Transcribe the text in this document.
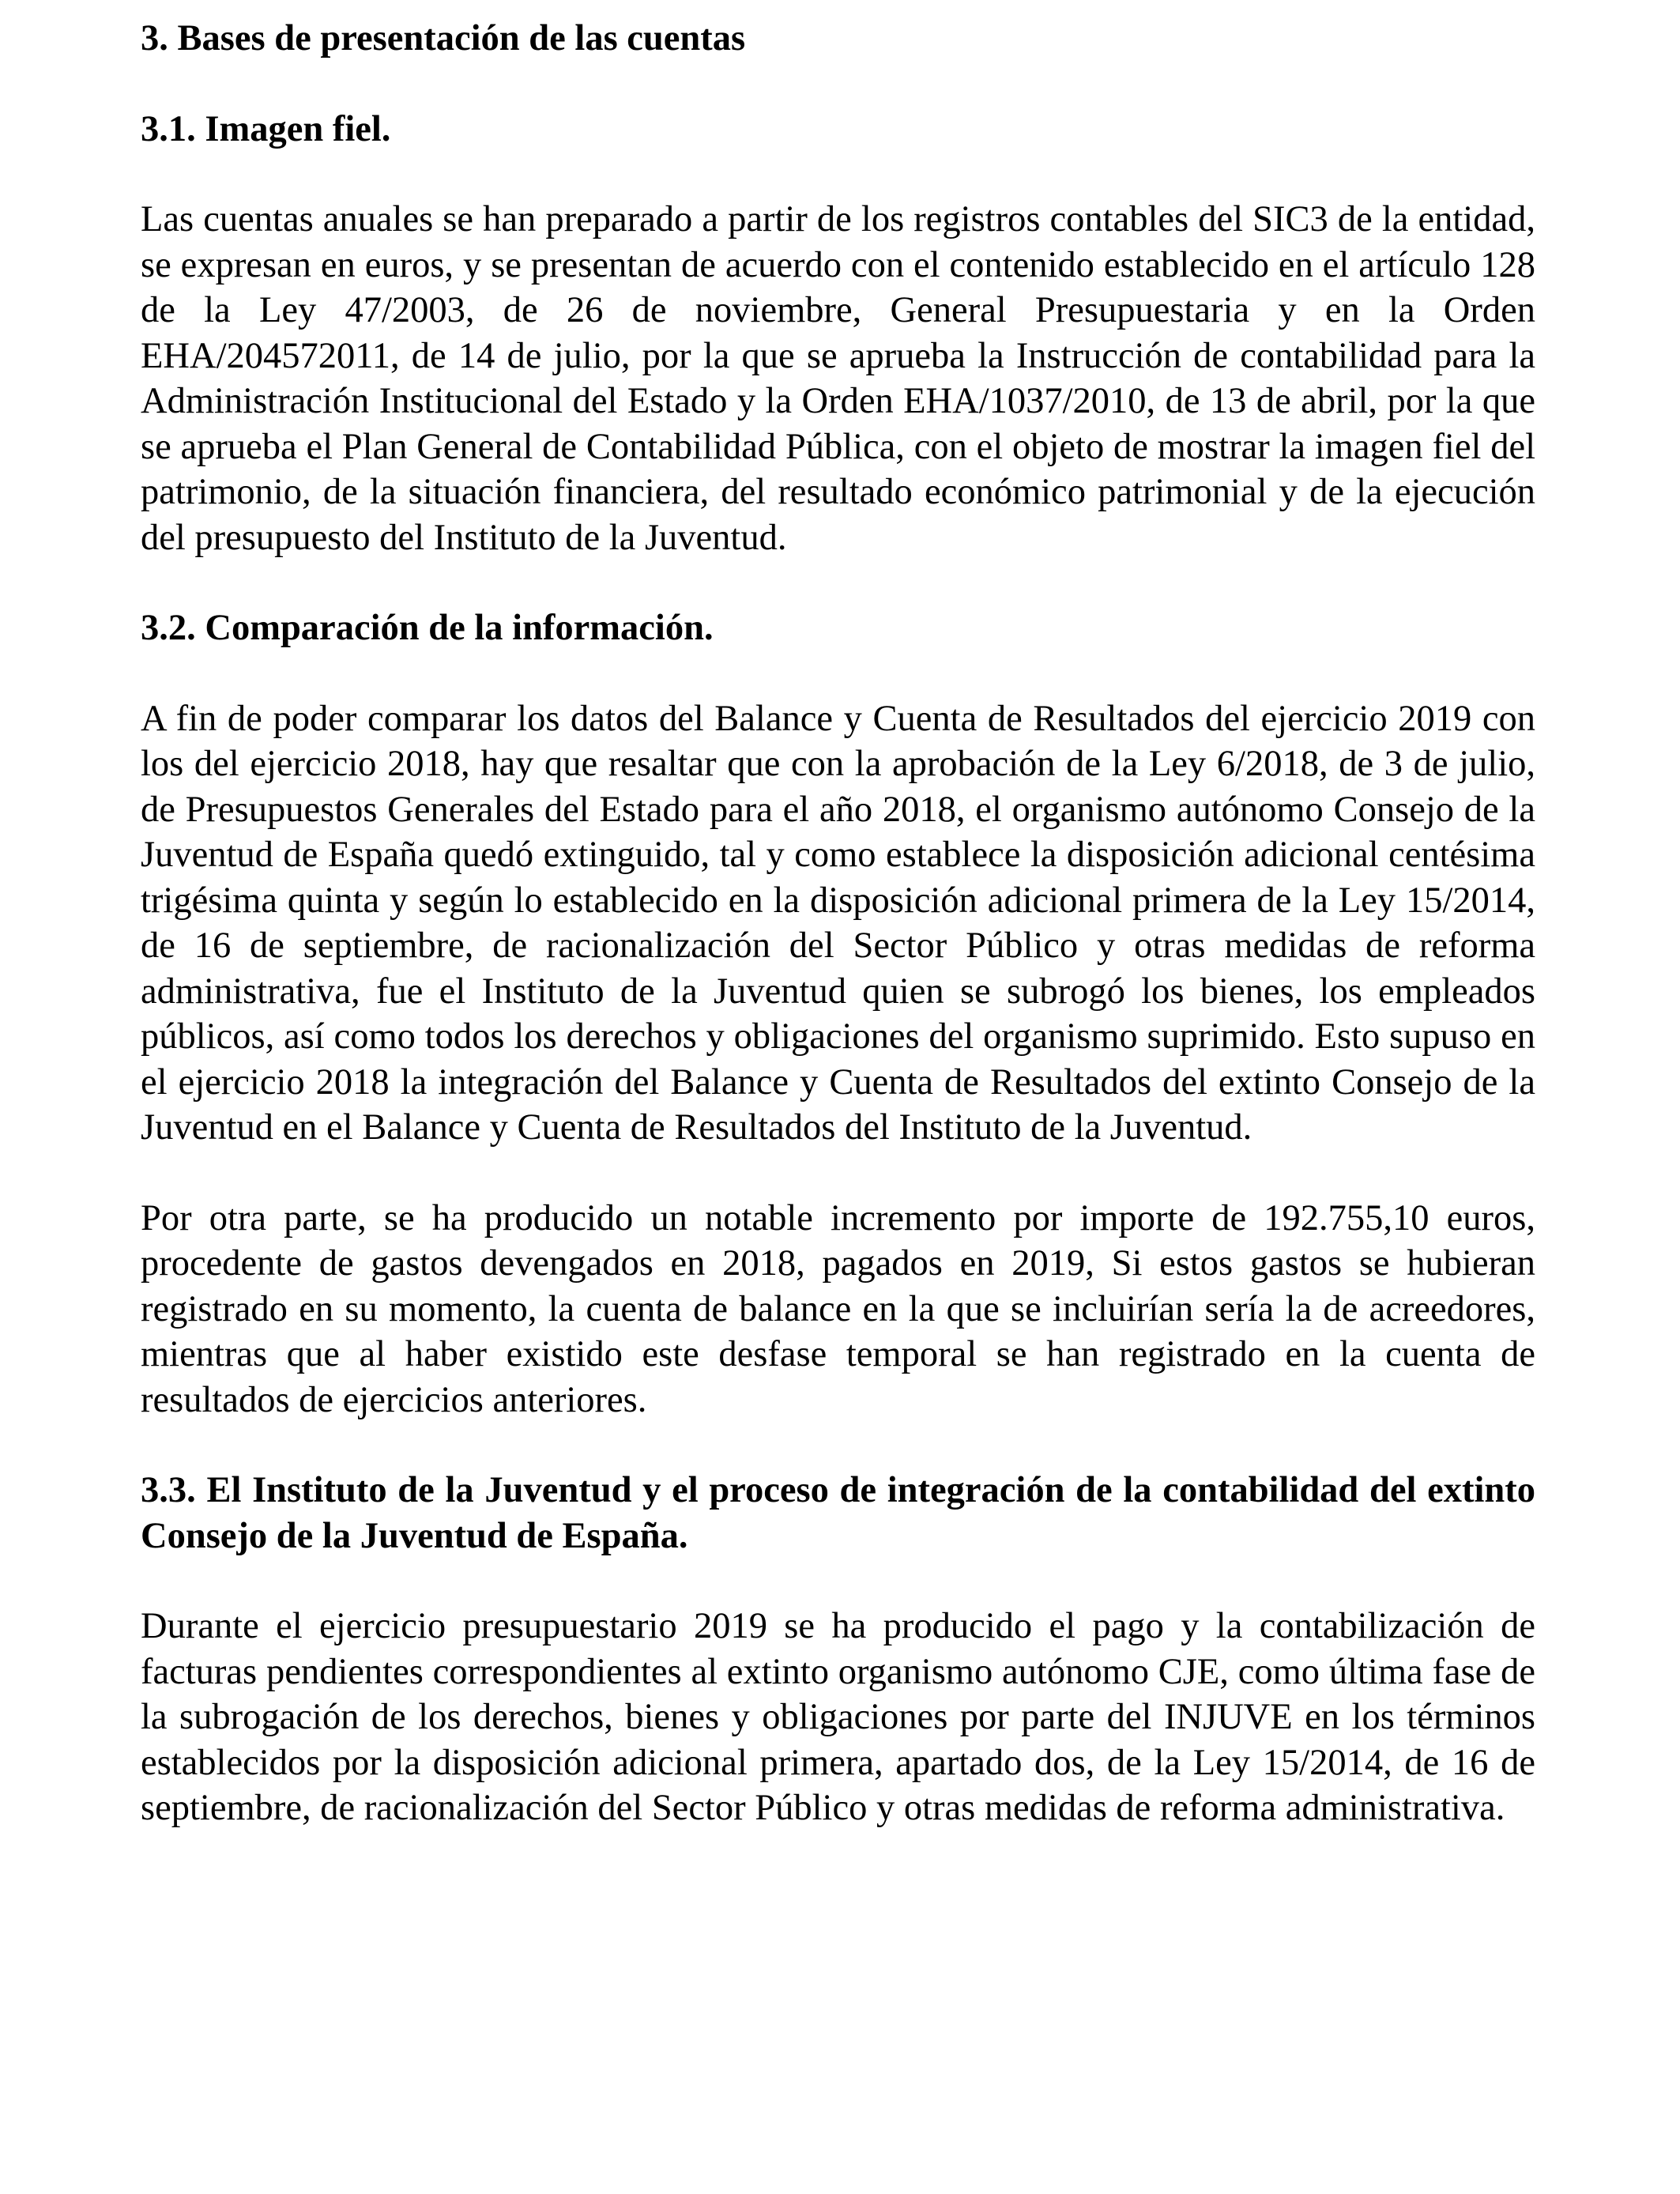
3. Bases de presentación de las cuentas
3.1. Imagen fiel.

Las cuentas anuales se han preparado a partir de los registros contables del SIC3 de la entidad, se expresan en euros, y se presentan de acuerdo con el contenido establecido en el artículo 128 de la Ley 47/2003, de 26 de noviembre, General Presupuestaria y en la Orden EHA/204572011, de 14 de julio, por la que se aprueba la Instrucción de contabilidad para la Administración Institucional del Estado y la Orden EHA/1037/2010, de 13 de abril, por la que se aprueba el Plan General de Contabilidad Pública, con el objeto de mostrar la imagen fiel del patrimonio, de la situación financiera, del resultado económico patrimonial y de la ejecución del presupuesto del Instituto de la Juventud.

3.2. Comparación de la información.

A fin de poder comparar los datos del Balance y Cuenta de Resultados del ejercicio 2019 con los del ejercicio 2018, hay que resaltar que con la aprobación de la Ley 6/2018, de 3 de julio, de Presupuestos Generales del Estado para el año 2018, el organismo autónomo Consejo de la Juventud de España quedó extinguido, tal y como establece la disposición adicional centésima trigésima quinta y según lo establecido en la disposición adicional primera de la Ley 15/2014, de 16 de septiembre, de racionalización del Sector Público y otras medidas de reforma administrativa, fue el Instituto de la Juventud quien se subrogó los bienes, los empleados públicos, así como todos los derechos y obligaciones del organismo suprimido. Esto supuso en el ejercicio 2018 la integración del Balance y Cuenta de Resultados del extinto Consejo de la Juventud en el Balance y Cuenta de Resultados del Instituto de la Juventud.

Por otra parte, se ha producido un notable incremento por importe de 192.755,10 euros, procedente de gastos devengados en 2018, pagados en 2019, Si estos gastos se hubieran registrado en su momento, la cuenta de balance en la que se incluirían sería la de acreedores, mientras que al haber existido este desfase temporal se han registrado en la cuenta de resultados de ejercicios anteriores.

3.3. El Instituto de la Juventud y el proceso de integración de la contabilidad del extinto Consejo de la Juventud de España.

Durante el ejercicio presupuestario 2019 se ha producido el pago y la contabilización de facturas pendientes correspondientes al extinto organismo autónomo CJE, como última fase de la subrogación de los derechos, bienes y obligaciones por parte del INJUVE en los términos establecidos por la disposición adicional primera, apartado dos, de la Ley 15/2014, de 16 de septiembre, de racionalización del Sector Público y otras medidas de reforma administrativa.
